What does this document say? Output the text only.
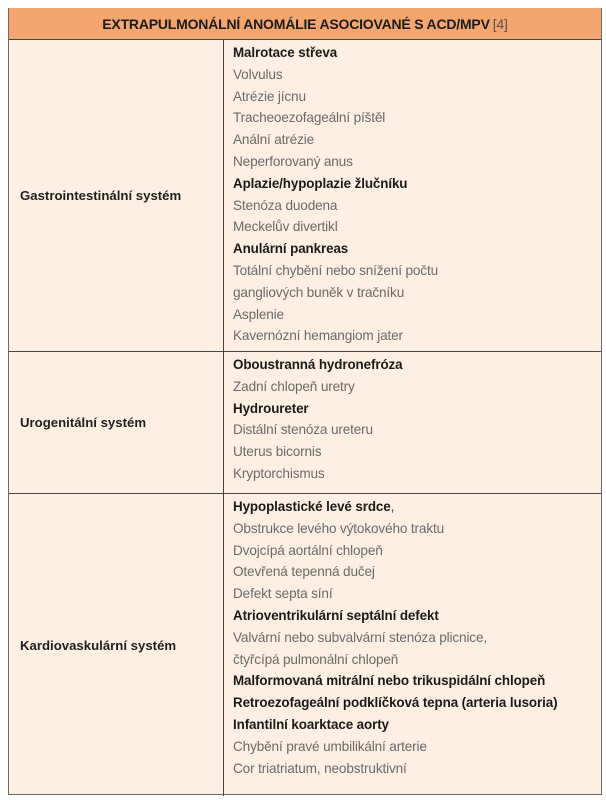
EXTRAPULMONÁLNÍ ANOMÁLIE ASOCIOVANÉ S ACD/MPV [4]
Gastrointestinální systém
Malrotace střeva
Volvulus
Atrézie jícnu
Tracheoezofageální píštěl
Anální atrézie
Neperforovaný anus
Aplazie/hypoplazie žlučníku
Stenóza duodena
Meckelův divertikl
Anulární pankreas
Totální chybění nebo snížení počtu
gangliových buněk v tračníku
Asplenie
Kavernózní hemangiom jater
Urogenitální systém
Oboustranná hydronefróza
Zadní chlopeň uretry
Hydroureter
Distální stenóza ureteru
Uterus bicornis
Kryptorchismus
Kardiovaskulární systém
Hypoplastické levé srdce,
Obstrukce levého výtokového traktu
Dvojcípá aortální chlopeň
Otevřená tepenná dučej
Defekt septa síní
Atrioventrikulární septální defekt
Valvární nebo subvalvární stenóza plicnice,
čtyřcípá pulmonální chlopeň
Malformovaná mitrální nebo trikuspidální chlopeň
Retroezofageální podklíčková tepna (arteria lusoria)
Infantilní koarktace aorty
Chybění pravé umbilikální arterie
Cor triatriatum, neobstruktivní
